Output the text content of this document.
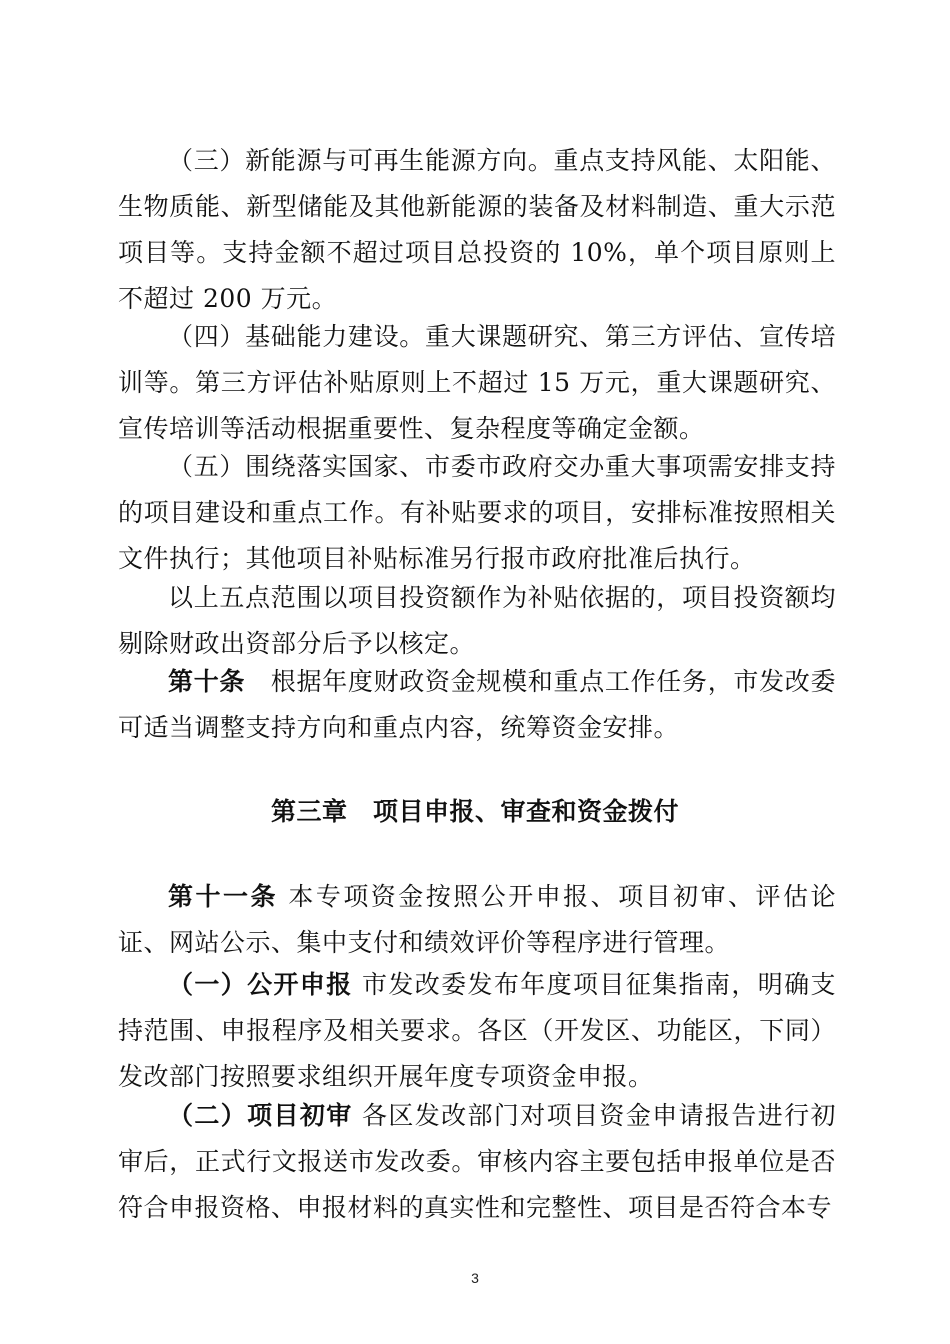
（三）新能源与可再生能源方向。重点支持风能、太阳能、生物质能、新型储能及其他新能源的装备及材料制造、重大示范项目等。支持金额不超过项目总投资的 10%，单个项目原则上不超过 200 万元。

（四）基础能力建设。重大课题研究、第三方评估、宣传培训等。第三方评估补贴原则上不超过 15 万元，重大课题研究、宣传培训等活动根据重要性、复杂程度等确定金额。

（五）围绕落实国家、市委市政府交办重大事项需安排支持的项目建设和重点工作。有补贴要求的项目，安排标准按照相关文件执行；其他项目补贴标准另行报市政府批准后执行。

以上五点范围以项目投资额作为补贴依据的，项目投资额均剔除财政出资部分后予以核定。

第十条　根据年度财政资金规模和重点工作任务，市发改委可适当调整支持方向和重点内容，统筹资金安排。

第三章　项目申报、审查和资金拨付

第十一条 本专项资金按照公开申报、项目初审、评估论证、网站公示、集中支付和绩效评价等程序进行管理。

（一）公开申报 市发改委发布年度项目征集指南，明确支持范围、申报程序及相关要求。各区（开发区、功能区，下同）发改部门按照要求组织开展年度专项资金申报。

（二）项目初审 各区发改部门对项目资金申请报告进行初审后，正式行文报送市发改委。审核内容主要包括申报单位是否符合申报资格、申报材料的真实性和完整性、项目是否符合本专

3
